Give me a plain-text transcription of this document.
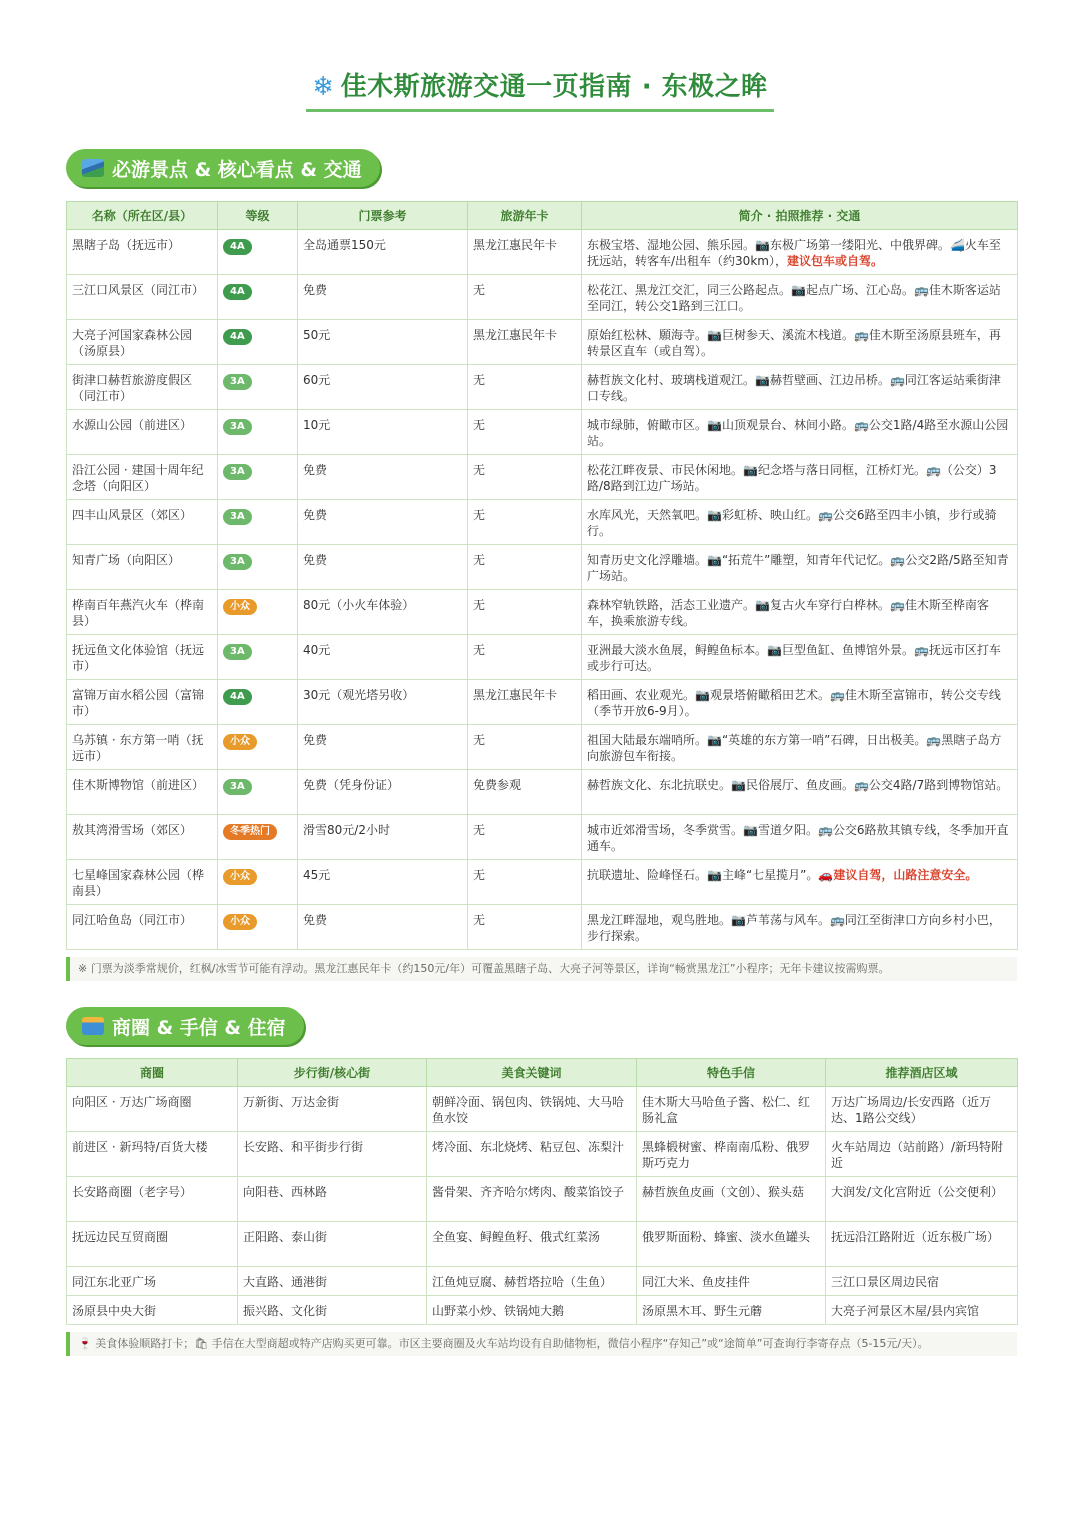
❄ 佳木斯旅游交通一页指南 · 东极之眸
必游景点 & 核心看点 & 交通
名称（所在区/县）	等级	门票参考	旅游年卡	简介 · 拍照推荐 · 交通
黑瞎子岛（抚远市）	4A	全岛通票150元	黑龙江惠民年卡	东极宝塔、湿地公园、熊乐园。📷东极广场第一缕阳光、中俄界碑。🚄火车至抚远站，转客车/出租车（约30km），建议包车或自驾。
三江口风景区（同江市）	4A	免费	无	松花江、黑龙江交汇，同三公路起点。📷起点广场、江心岛。🚌佳木斯客运站至同江，转公交1路到三江口。
大亮子河国家森林公园（汤原县）	4A	50元	黑龙江惠民年卡	原始红松林、願海寺。📷巨树参天、溪流木栈道。🚌佳木斯至汤原县班车，再转景区直车（或自驾）。
街津口赫哲旅游度假区（同江市）	3A	60元	无	赫哲族文化村、玻璃栈道观江。📷赫哲壁画、江边吊桥。🚌同江客运站乘街津口专线。
水源山公园（前进区）	3A	10元	无	城市绿肺，俯瞰市区。📷山顶观景台、林间小路。🚌公交1路/4路至水源山公园站。
沿江公园 · 建国十周年纪念塔（向阳区）	3A	免费	无	松花江畔夜景、市民休闲地。📷纪念塔与落日同框，江桥灯光。🚌（公交）3路/8路到江边广场站。
四丰山风景区（郊区）	3A	免费	无	水库风光，天然氧吧。📷彩虹桥、映山红。🚌公交6路至四丰小镇，步行或骑行。
知青广场（向阳区）	3A	免费	无	知青历史文化浮雕墙。📷“拓荒牛”雕塑，知青年代记忆。🚌公交2路/5路至知青广场站。
桦南百年燕汽火车（桦南县）	小众	80元（小火车体验）	无	森林窄轨铁路，活态工业遗产。📷复古火车穿行白桦林。🚌佳木斯至桦南客车，换乘旅游专线。
抚远鱼文化体验馆（抚远市）	3A	40元	无	亚洲最大淡水鱼展，鲟鳇鱼标本。📷巨型鱼缸、鱼博馆外景。🚌抚远市区打车或步行可达。
富锦万亩水稻公园（富锦市）	4A	30元（观光塔另收）	黑龙江惠民年卡	稻田画、农业观光。📷观景塔俯瞰稻田艺术。🚌佳木斯至富锦市，转公交专线（季节开放6-9月）。
乌苏镇 · 东方第一哨（抚远市）	小众	免费	无	祖国大陆最东端哨所。📷“英雄的东方第一哨”石碑，日出极美。🚌黑瞎子岛方向旅游包车衔接。
佳木斯博物馆（前进区）	3A	免费（凭身份证）	免费参观	赫哲族文化、东北抗联史。📷民俗展厅、鱼皮画。🚌公交4路/7路到博物馆站。
敖其湾滑雪场（郊区）	冬季热门	滑雪80元/2小时	无	城市近郊滑雪场，冬季赏雪。📷雪道夕阳。🚌公交6路敖其镇专线，冬季加开直通车。
七星峰国家森林公园（桦南县）	小众	45元	无	抗联遗址、险峰怪石。📷主峰“七星揽月”。🚗建议自驾，山路注意安全。
同江哈鱼岛（同江市）	小众	免费	无	黑龙江畔湿地，观鸟胜地。📷芦苇荡与风车。🚌同江至街津口方向乡村小巴，步行探索。
※ 门票为淡季常规价，红枫/冰雪节可能有浮动。黑龙江惠民年卡（约150元/年）可覆盖黑瞎子岛、大亮子河等景区，详询“畅赏黑龙江”小程序；无年卡建议按需购票。
商圈 & 手信 & 住宿
商圈	步行街/核心街	美食关键词	特色手信	推荐酒店区域
向阳区 · 万达广场商圈	万新街、万达金街	朝鲜冷面、锅包肉、铁锅炖、大马哈鱼水饺	佳木斯大马哈鱼子酱、松仁、红肠礼盒	万达广场周边/长安西路（近万达、1路公交线）
前进区 · 新玛特/百货大楼	长安路、和平街步行街	烤冷面、东北烧烤、粘豆包、冻梨汁	黑蜂椴树蜜、桦南南瓜粉、俄罗斯巧克力	火车站周边（站前路）/新玛特附近
长安路商圈（老字号）	向阳巷、西林路	酱骨架、齐齐哈尔烤肉、酸菜馅饺子	赫哲族鱼皮画（文创）、猴头菇	大润发/文化宫附近（公交便利）
抚远边民互贸商圈	正阳路、泰山街	全鱼宴、鲟鳇鱼籽、俄式红菜汤	俄罗斯面粉、蜂蜜、淡水鱼罐头	抚远沿江路附近（近东极广场）
同江东北亚广场	大直路、通港街	江鱼炖豆腐、赫哲塔拉哈（生鱼）	同江大米、鱼皮挂件	三江口景区周边民宿
汤原县中央大街	振兴路、文化街	山野菜小炒、铁锅炖大鹅	汤原黑木耳、野生元蘑	大亮子河景区木屋/县内宾馆
🍷 美食体验顺路打卡；🛍 手信在大型商超或特产店购买更可靠。市区主要商圈及火车站均设有自助储物柜，微信小程序“存知己”或“途简单”可查询行李寄存点（5-15元/天）。
